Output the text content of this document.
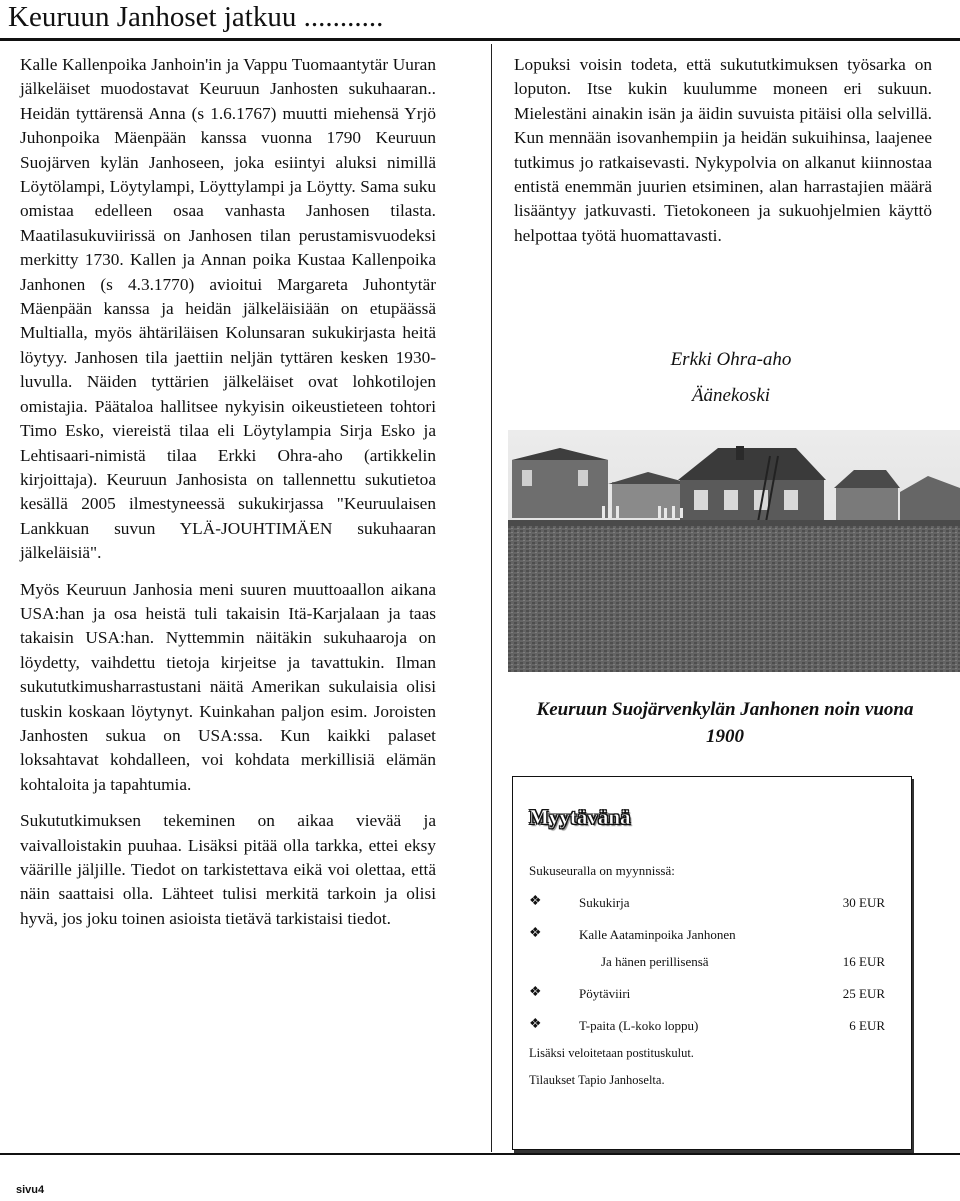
Keuruun Janhoset jatkuu ...........

Kalle Kallenpoika Janhoin'in ja Vappu Tuomaantytär Uuran jälkeläiset muodostavat Keuruun Janhosten sukuhaaran.. Heidän tyttärensä Anna (s 1.6.1767) muutti miehensä Yrjö Juhonpoika Mäenpään kanssa vuonna 1790 Keuruun Suojärven kylän Janhoseen, joka esiintyi aluksi nimillä Löytölampi, Löytylampi, Löyttylampi ja Löytty. Sama suku omistaa edelleen osaa vanhasta Janhosen tilasta. Maatilasukuviirissä on Janhosen tilan perustamisvuodeksi merkitty 1730. Kallen ja Annan poika Kustaa Kallenpoika Janhonen (s 4.3.1770) avioitui Margareta Juhontytär Mäenpään kanssa ja heidän jälkeläisiään on etupäässä Multialla, myös ähtäriläisen Kolunsaran sukukirjasta heitä löytyy. Janhosen tila jaettiin neljän tyttären kesken 1930-luvulla. Näiden tyttärien jälkeläiset ovat lohkotilojen omistajia. Päätaloa hallitsee nykyisin oikeustieteen tohtori Timo Esko, viereistä tilaa eli Löytylampia Sirja Esko ja Lehtisaari-nimistä tilaa Erkki Ohra-aho (artikkelin kirjoittaja). Keuruun Janhosista on tallennettu sukutietoa kesällä 2005 ilmestyneessä sukukirjassa "Keuruulaisen Lankkuan suvun YLÄ-JOUHTIMÄEN sukuhaaran jälkeläisiä".

Myös Keuruun Janhosia meni suuren muuttoaallon aikana USA:han ja osa heistä tuli takaisin Itä-Karjalaan ja taas takaisin USA:han. Nyttemmin näitäkin sukuhaaroja on löydetty, vaihdettu tietoja kirjeitse ja tavattukin. Ilman sukututkimusharrastustani näitä Amerikan sukulaisia olisi tuskin koskaan löytynyt. Kuinkahan paljon esim. Joroisten Janhosten sukua on USA:ssa. Kun kaikki palaset loksahtavat kohdalleen, voi kohdata merkillisiä elämän kohtaloita ja tapahtumia.

Sukututkimuksen tekeminen on aikaa vievää ja vaivalloistakin puuhaa. Lisäksi pitää olla tarkka, ettei eksy väärille jäljille. Tiedot on tarkistettava eikä voi olettaa, että näin saattaisi olla. Lähteet tulisi merkitä tarkoin ja olisi hyvä, jos joku toinen asioista tietävä tarkistaisi tiedot.

Lopuksi voisin todeta, että sukututkimuksen työsarka on loputon. Itse kukin kuulumme moneen eri sukuun. Mielestäni ainakin isän ja äidin suvuista pitäisi olla selvillä. Kun mennään isovanhempiin ja heidän sukuihinsa, laajenee tutkimus jo ratkaisevasti. Nykypolvia on alkanut kiinnostaa entistä enemmän juurien etsiminen, alan harrastajien määrä lisääntyy jatkuvasti. Tietokoneen ja sukuohjelmien käyttö helpottaa työtä huomattavasti.

Erkki Ohra-aho
Äänekoski
Keuruun Suojärvenkylän Janhonen noin vuona 1900
Myytävänä
Sukuseuralla on myynnissä:
❖	Sukukirja	30 EUR
❖	Kalle Aataminpoika Janhonen
Ja hänen perillisensä	16 EUR
❖	Pöytäviiri	25 EUR
❖	T-paita (L-koko loppu)	6 EUR
Lisäksi veloitetaan postituskulut.
Tilaukset Tapio Janhoselta.
sivu4
